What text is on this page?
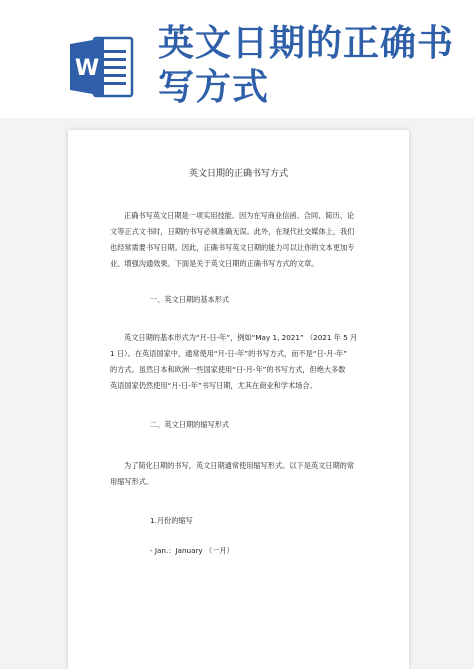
W
英文日期的正确书
写方式
英文日期的正确书写方式

正确书写英文日期是一项实用技能。因为在写商业信函、合同、简历、论
文等正式文书时，日期的书写必须准确无误。此外，在现代社交媒体上，我们
也经常需要书写日期。因此，正确书写英文日期的能力可以让你的文本更加专
业、增强沟通效果。下面是关于英文日期的正确书写方式的文章。

一、英文日期的基本形式

英文日期的基本形式为“月-日-年”，例如“May 1, 2021” （2021 年 5 月
1 日）。在英语国家中，通常使用“月-日-年”的书写方式，而不是“日-月-年”
的方式。虽然日本和欧洲一些国家使用“日-月-年”的书写方式，但绝大多数
英语国家仍然使用“月-日-年”书写日期，尤其在商业和学术场合。

二、英文日期的缩写形式

为了简化日期的书写，英文日期通常使用缩写形式。以下是英文日期的常
用缩写形式。

1.月份的缩写
- Jan.：January （一月）
